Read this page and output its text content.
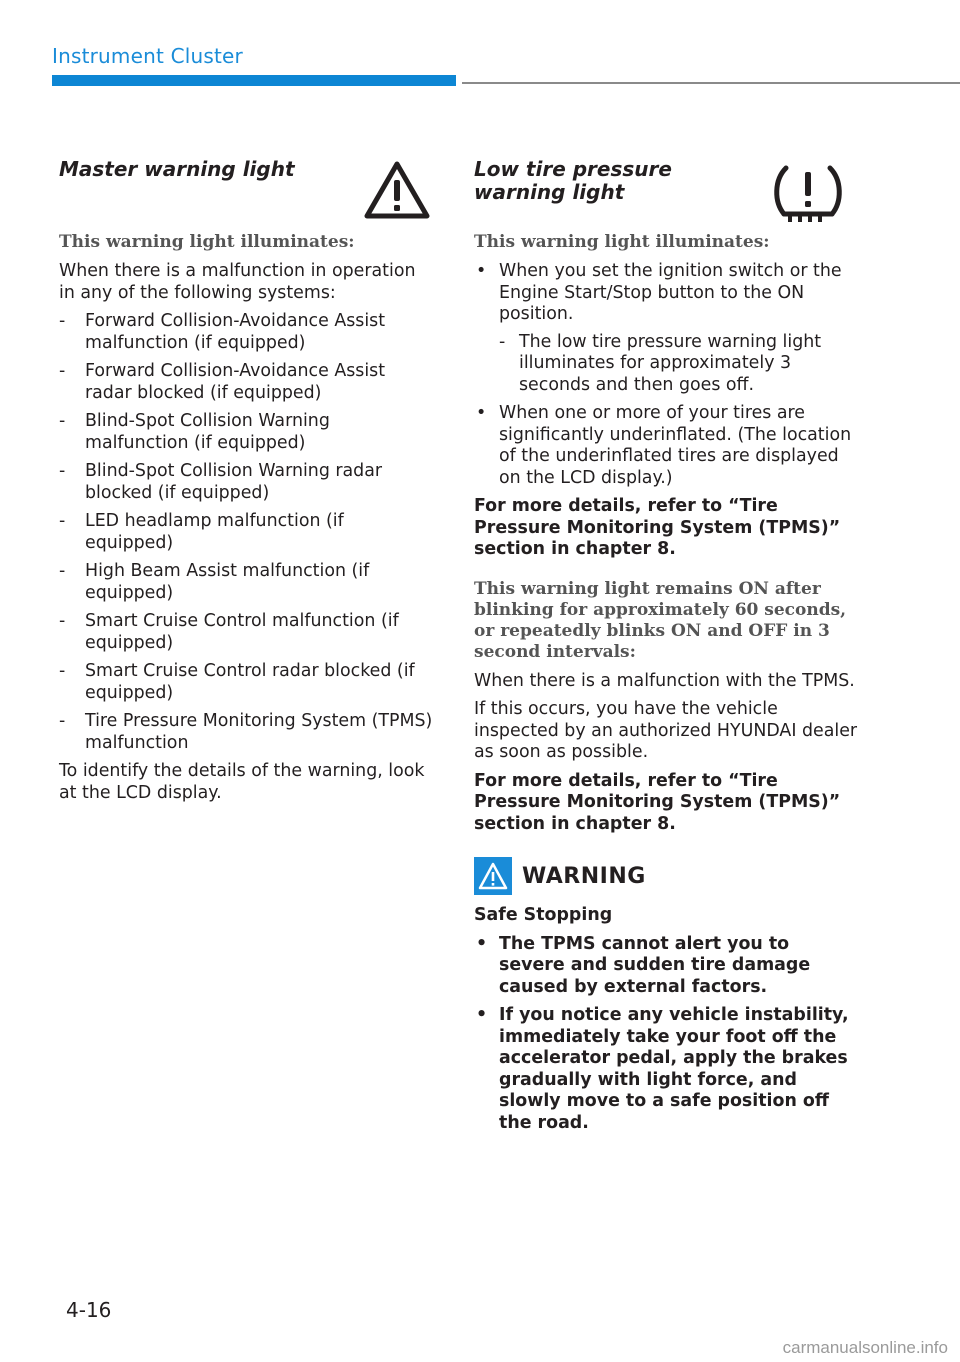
Instrument Cluster
Master warning light
This warning light illuminates:

When there is a malfunction in operation in any of the following systems:

- Forward Collision-Avoidance Assist malfunction (if equipped)
- Forward Collision-Avoidance Assist radar blocked (if equipped)
- Blind-Spot Collision Warning malfunction (if equipped)
- Blind-Spot Collision Warning radar blocked (if equipped)
- LED headlamp malfunction (if equipped)
- High Beam Assist malfunction (if equipped)
- Smart Cruise Control malfunction (if equipped)
- Smart Cruise Control radar blocked (if equipped)
- Tire Pressure Monitoring System (TPMS) malfunction

To identify the details of the warning, look at the LCD display.

Low tire pressure warning light
This warning light illuminates:
• When you set the ignition switch or the Engine Start/Stop button to the ON position.
- The low tire pressure warning light illuminates for approximately 3 seconds and then goes off.
• When one or more of your tires are significantly underinflated. (The location of the underinflated tires are displayed on the LCD display.)

For more details, refer to “Tire Pressure Monitoring System (TPMS)” section in chapter 8.

This warning light remains ON after blinking for approximately 60 seconds, or repeatedly blinks ON and OFF in 3 second intervals:

When there is a malfunction with the TPMS.

If this occurs, you have the vehicle inspected by an authorized HYUNDAI dealer as soon as possible.

For more details, refer to “Tire Pressure Monitoring System (TPMS)” section in chapter 8.

WARNING

Safe Stopping

• The TPMS cannot alert you to severe and sudden tire damage caused by external factors.
• If you notice any vehicle instability, immediately take your foot off the accelerator pedal, apply the brakes gradually with light force, and slowly move to a safe position off the road.
4-16
carmanualsonline.info
